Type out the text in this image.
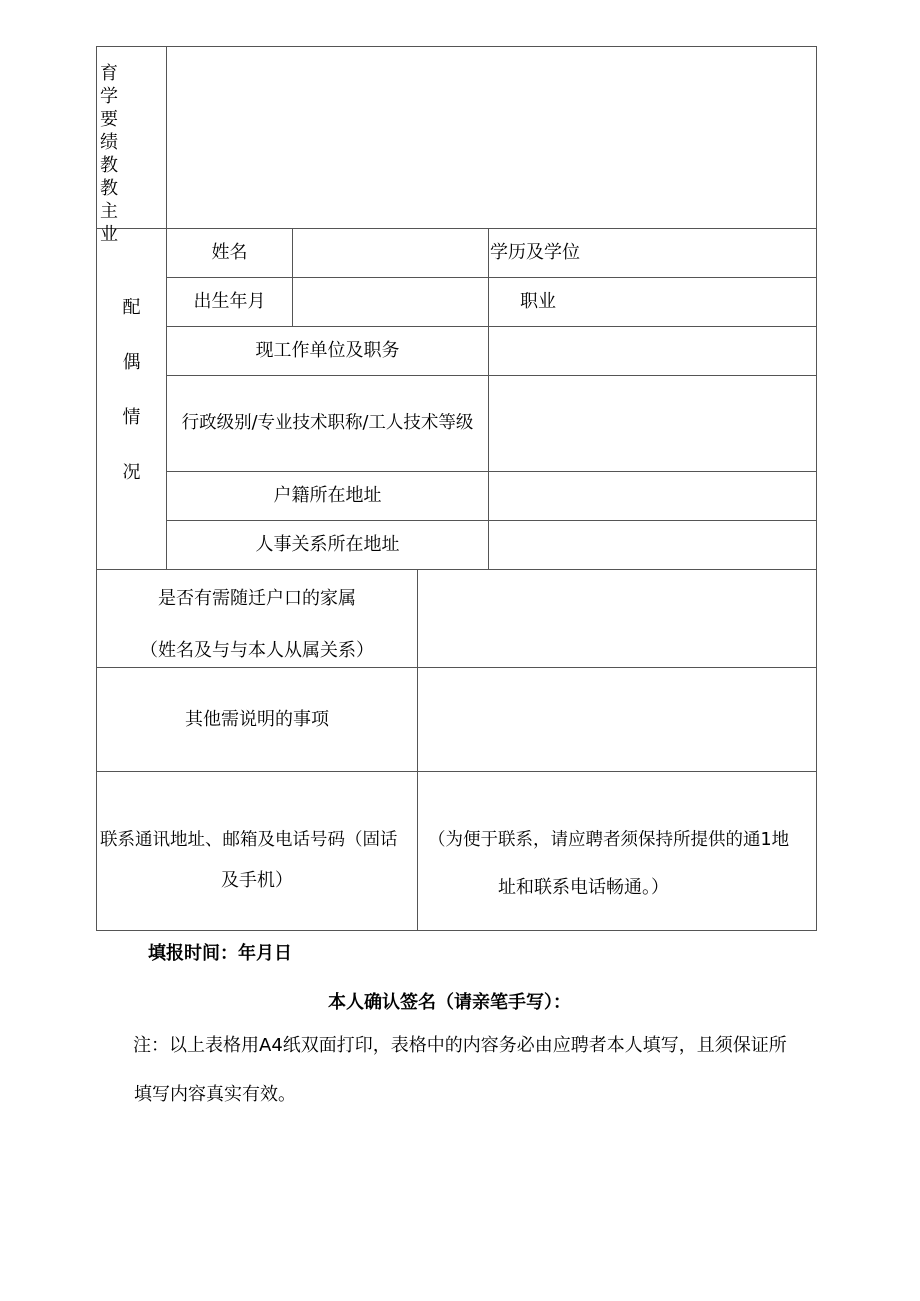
育
学
要
绩
教
教
主
业
配
偶
情
况
姓名	学历及学位
出生年月	职业
现工作单位及职务
行政级别/专业技术职称/工人技术等级
户籍所在地址
人事关系所在地址
是否有需随迁户口的家属
（姓名及与与本人从属关系）
其他需说明的事项
联系通讯地址、邮箱及电话号码（固话
及手机）
（为便于联系，请应聘者须保持所提供的通1地
址和联系电话畅通。）
填报时间：年月日
本人确认签名（请亲笔手写）：
注：以上表格用A4纸双面打印，表格中的内容务必由应聘者本人填写，且须保证所
填写内容真实有效。
